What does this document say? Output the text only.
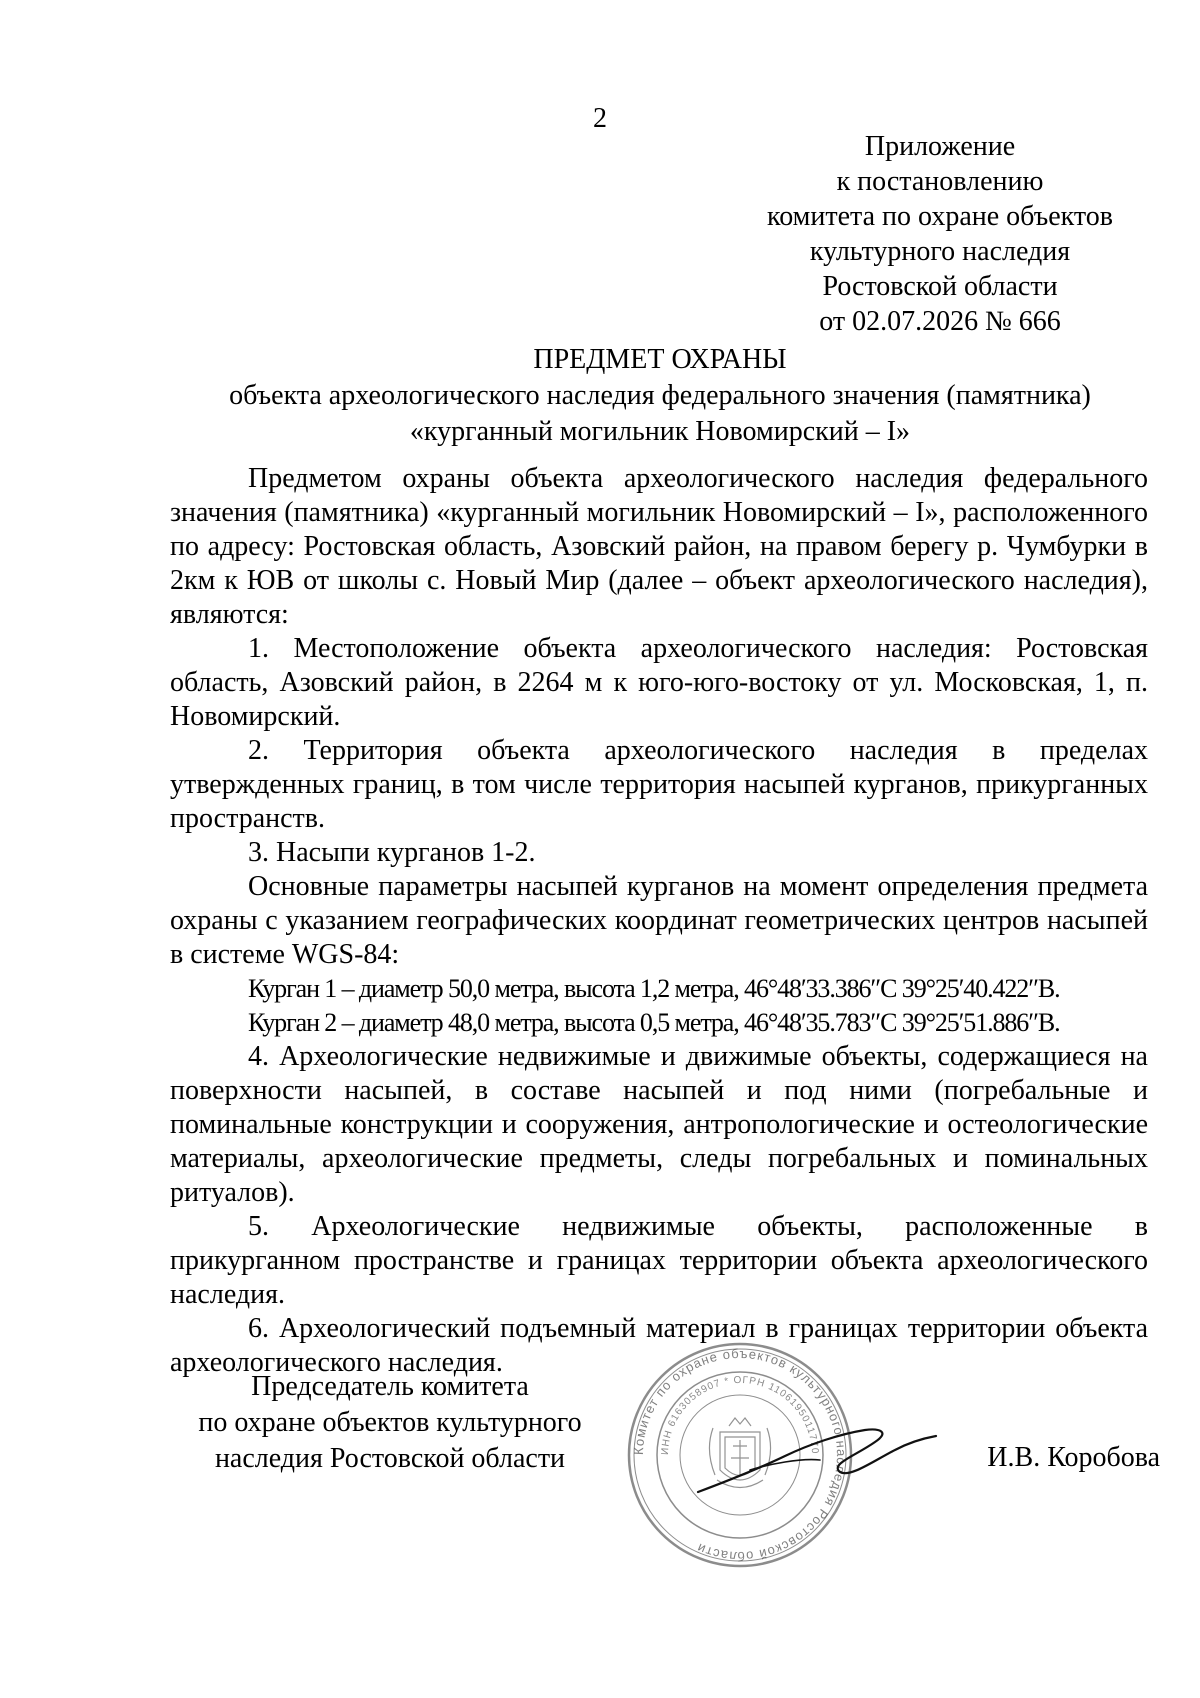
2
Приложение
к постановлению
комитета по охране объектов
культурного наследия
Ростовской области
от 02.07.2026 № 666
ПРЕДМЕТ ОХРАНЫ
объекта археологического наследия федерального значения (памятника)
«курганный могильник Новомирский – I»

Предметом охраны объекта археологического наследия федерального значения (памятника) «курганный могильник Новомирский – I», расположенного по адресу: Ростовская область, Азовский район, на правом берегу р. Чумбурки в 2км к ЮВ от школы с. Новый Мир (далее – объект археологического наследия), являются:

1. Местоположение объекта археологического наследия: Ростовская область, Азовский район, в 2264 м к юго-юго-востоку от ул. Московская, 1, п. Новомирский.

2. Территория объекта археологического наследия в пределах утвержденных границ, в том числе территория насыпей курганов, прикурганных пространств.

3. Насыпи курганов 1-2.

Основные параметры насыпей курганов на момент определения предмета охраны с указанием географических координат геометрических центров насыпей в системе WGS-84:

Курган 1 – диаметр 50,0 метра, высота 1,2 метра, 46°48′33.386″С 39°25′40.422″В.

Курган 2 – диаметр 48,0 метра, высота 0,5 метра, 46°48′35.783″С 39°25′51.886″В.

4. Археологические недвижимые и движимые объекты, содержащиеся на поверхности насыпей, в составе насыпей и под ними (погребальные и поминальные конструкции и сооружения, антропологические и остеологические материалы, археологические предметы, следы погребальных и поминальных ритуалов).

5. Археологические недвижимые объекты, расположенные в прикурганном пространстве и границах территории объекта археологического наследия.

6. Археологический подъемный материал в границах территории объекта археологического наследия.

Председатель комитета
по охране объектов культурного
наследия Ростовской области	Комитет по охране объектов культурного наследия Ростовской области
ИНН 6163058907 * ОГРН 1106195011770	И.В. Коробова
